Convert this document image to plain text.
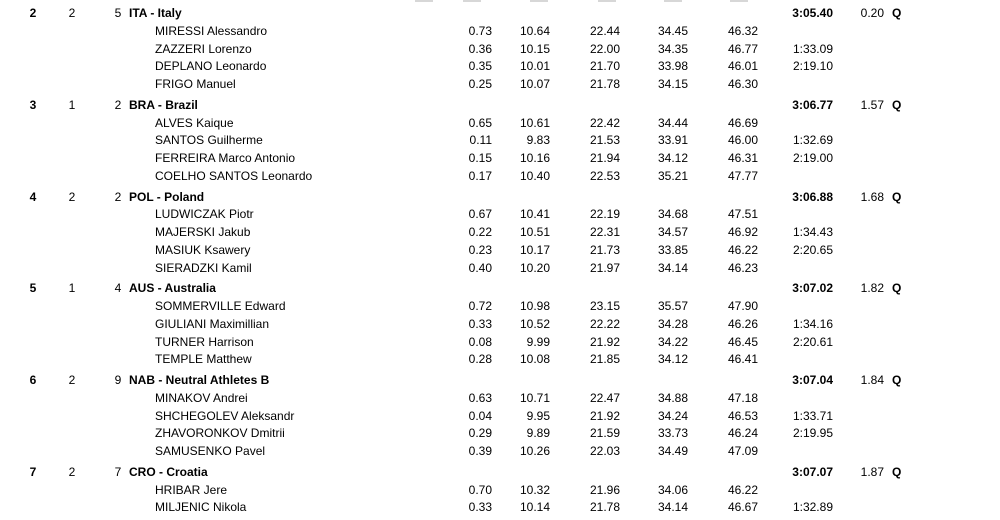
2	2	5 ITA - Italy	3:05.40	0.20 Q
MIRESSI Alessandro	0.73	10.64	22.44	34.45	46.32
ZAZZERI Lorenzo	0.36	10.15	22.00	34.35	46.77	1:33.09
DEPLANO Leonardo	0.35	10.01	21.70	33.98	46.01	2:19.10
FRIGO Manuel	0.25	10.07	21.78	34.15	46.30
3	1	2 BRA - Brazil	3:06.77	1.57 Q
ALVES Kaique	0.65	10.61	22.42	34.44	46.69
SANTOS Guilherme	0.11	9.83	21.53	33.91	46.00	1:32.69
FERREIRA Marco Antonio	0.15	10.16	21.94	34.12	46.31	2:19.00
COELHO SANTOS Leonardo	0.17	10.40	22.53	35.21	47.77
4	2	2 POL - Poland	3:06.88	1.68 Q
LUDWICZAK Piotr	0.67	10.41	22.19	34.68	47.51
MAJERSKI Jakub	0.22	10.51	22.31	34.57	46.92	1:34.43
MASIUK Ksawery	0.23	10.17	21.73	33.85	46.22	2:20.65
SIERADZKI Kamil	0.40	10.20	21.97	34.14	46.23
5	1	4 AUS - Australia	3:07.02	1.82 Q
SOMMERVILLE Edward	0.72	10.98	23.15	35.57	47.90
GIULIANI Maximillian	0.33	10.52	22.22	34.28	46.26	1:34.16
TURNER Harrison	0.08	9.99	21.92	34.22	46.45	2:20.61
TEMPLE Matthew	0.28	10.08	21.85	34.12	46.41
6	2	9 NAB - Neutral Athletes B	3:07.04	1.84 Q
MINAKOV Andrei	0.63	10.71	22.47	34.88	47.18
SHCHEGOLEV Aleksandr	0.04	9.95	21.92	34.24	46.53	1:33.71
ZHAVORONKOV Dmitrii	0.29	9.89	21.59	33.73	46.24	2:19.95
SAMUSENKO Pavel	0.39	10.26	22.03	34.49	47.09
7	2	7 CRO - Croatia	3:07.07	1.87 Q
HRIBAR Jere	0.70	10.32	21.96	34.06	46.22
MILJENIC Nikola	0.33	10.14	21.78	34.14	46.67	1:32.89
